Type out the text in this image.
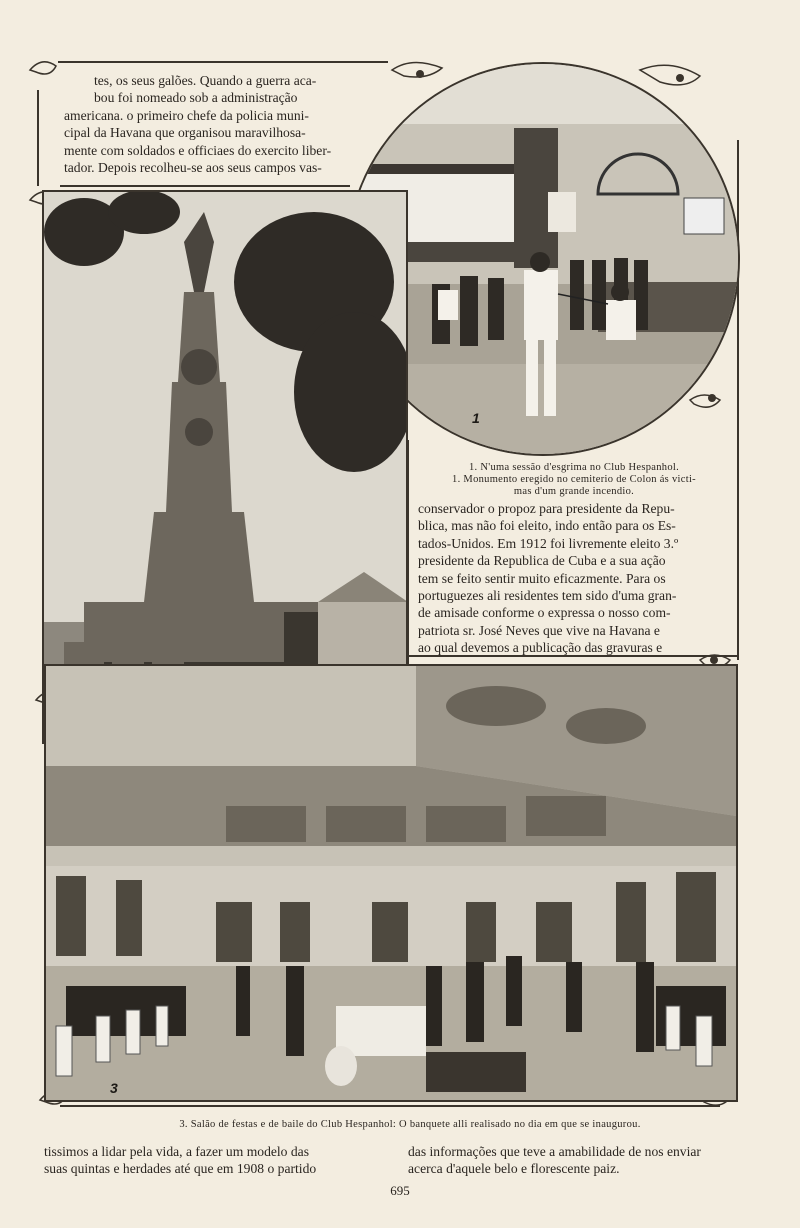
tes, os seus galões. Quando a guerra aca-

bou foi nomeado sob a administração

americana. o primeiro chefe da policia muni-

cipal da Havana que organisou maravilhosa-

mente com soldados e officiaes do exercito liber-

tador. Depois recolheu-se aos seus campos vas-

1
1. N'uma sessão d'esgrima no Club Hespanhol.
1. Monumento eregido no cemiterio de Colon ás victi-
mas d'um grande incendio.

conservador o propoz para presidente da Repu-

blica, mas não foi eleito, indo então para os Es-

tados-Unidos. Em 1912 foi livremente eleito 3.º

presidente da Republica de Cuba e a sua ação

tem se feito sentir muito eficazmente. Para os

portuguezes ali residentes tem sido d'uma gran-

de amisade conforme o expressa o nosso com-

patriota sr. José Neves que vive na Havana e

ao qual devemos a publicação das gravuras e

3
3. Salão de festas e de baile do Club Hespanhol: O banquete alli realisado no dia em que se inaugurou.

tissimos a lidar pela vida, a fazer um modelo das

suas quintas e herdades até que em 1908 o partido

das informações que teve a amabilidade de nos enviar

acerca d'aquele belo e florescente paiz.

695
